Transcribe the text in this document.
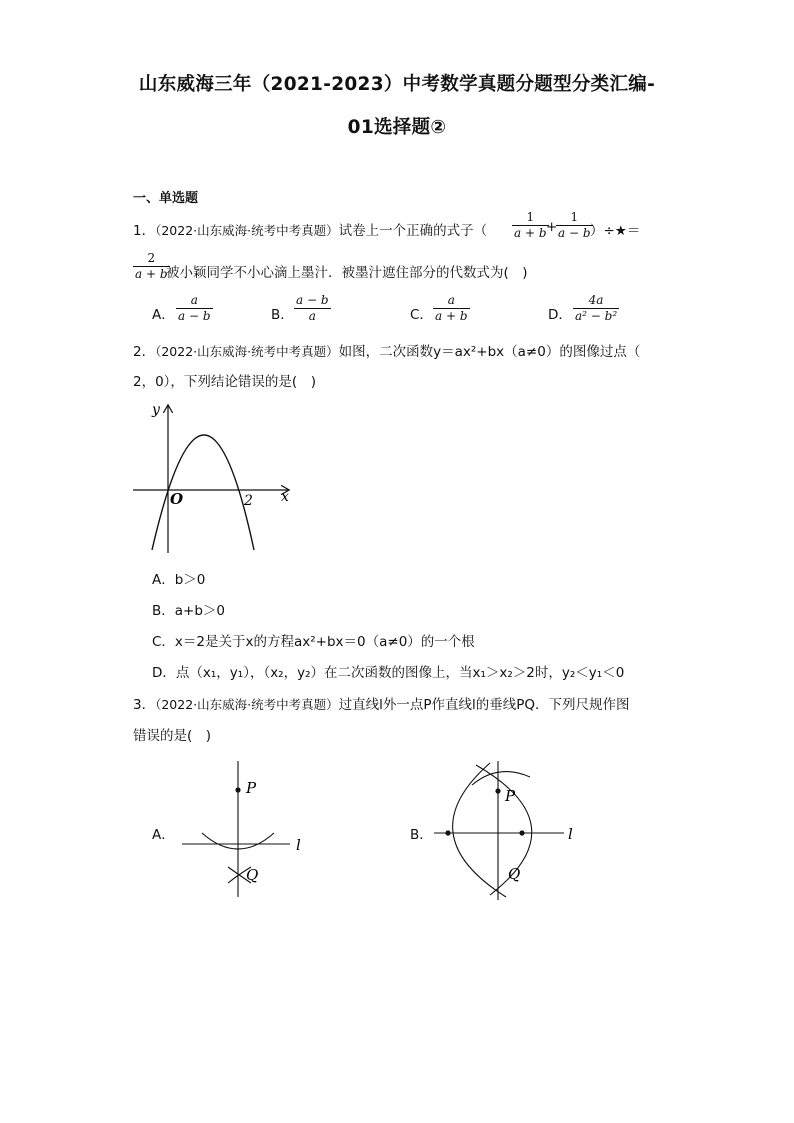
山东威海三年（2021-2023）中考数学真题分题型分类汇编-
01选择题②
一、单选题
1．（2022·山东威海·统考中考真题）试卷上一个正确的式子（ $\frac{1}{a + b}$
+
$\frac{1}{a - b}$
）÷★＝
$\frac{2}{a + b}$
被小颖同学不小心滴上墨汁．被墨汁遮住部分的代数式为(　)
A． $\frac{a}{a - b}$	B． $\frac{a - b}{a}$	C． $\frac{a}{a + b}$	D． $\frac{4a}{\text{a² − b²}}$
2．（2022·山东威海·统考中考真题）如图，二次函数y＝ax²+bx（a≠0）的图像过点（
2，0），下列结论错误的是(　)
y
x
O	2
A．b＞0
B．a+b＞0
C．x＝2是关于x的方程ax²+bx＝0（a≠0）的一个根
D．点（x₁，y₁），（x₂，y₂）在二次函数的图像上，当x₁＞x₂＞2时，y₂＜y₁＜0
3．（2022·山东威海·统考中考真题）过直线l外一点P作直线l的垂线PQ．下列尺规作图
错误的是(　)
A．
P
Q
l
B．
P
Q
l
